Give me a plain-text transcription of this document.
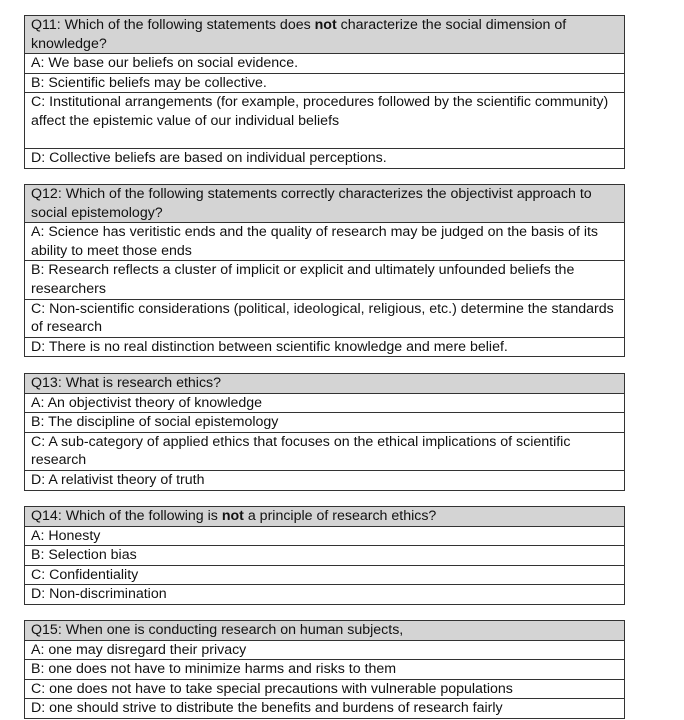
Q11: Which of the following statements does not characterize the social dimension of knowledge?
A: We base our beliefs on social evidence.
B: Scientific beliefs may be collective.
C: Institutional arrangements (for example, procedures followed by the scientific community) affect the epistemic value of our individual beliefs
D: Collective beliefs are based on individual perceptions.
Q12: Which of the following statements correctly characterizes the objectivist approach to social epistemology?
A: Science has veritistic ends and the quality of research may be judged on the basis of its ability to meet those ends
B: Research reflects a cluster of implicit or explicit and ultimately unfounded beliefs the researchers
C: Non-scientific considerations (political, ideological, religious, etc.) determine the standards of research
D: There is no real distinction between scientific knowledge and mere belief.
Q13: What is research ethics?
A: An objectivist theory of knowledge
B: The discipline of social epistemology
C: A sub-category of applied ethics that focuses on the ethical implications of scientific research
D: A relativist theory of truth
Q14: Which of the following is not a principle of research ethics?
A: Honesty
B: Selection bias
C: Confidentiality
D: Non-discrimination
Q15: When one is conducting research on human subjects,
A: one may disregard their privacy
B: one does not have to minimize harms and risks to them
C: one does not have to take special precautions with vulnerable populations
D: one should strive to distribute the benefits and burdens of research fairly
